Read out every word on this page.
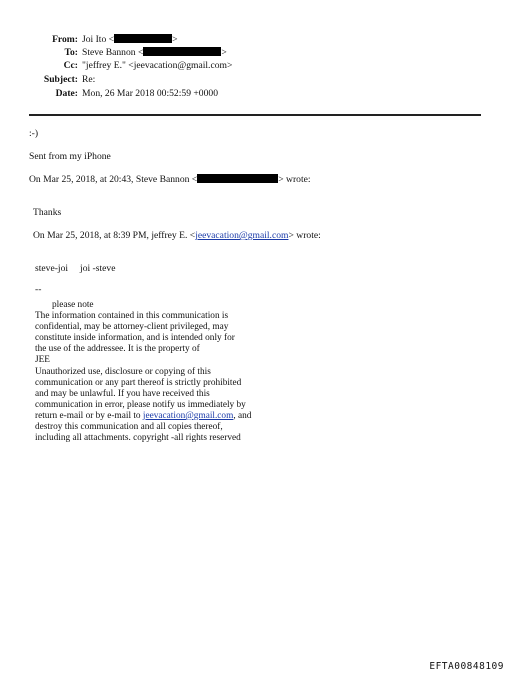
From: Joi Ito <	>
To: Steve Bannon <	>
Cc: "jeffrey E." <jeevacation@gmail.com>
Subject: Re:
Date: Mon, 26 Mar 2018 00:52:59 +0000
:-)
Sent from my iPhone
On Mar 25, 2018, at 20:43, Steve Bannon <	> wrote:
Thanks
On Mar 25, 2018, at 8:39 PM, jeffrey E. <jeevacation@gmail.com> wrote:
steve-joi     joi -steve
--
please note
The information contained in this communication is
confidential, may be attorney-client privileged, may
constitute inside information, and is intended only for
the use of the addressee. It is the property of
JEE
Unauthorized use, disclosure or copying of this
communication or any part thereof is strictly prohibited
and may be unlawful. If you have received this
communication in error, please notify us immediately by
return e-mail or by e-mail to jeevacation@gmail.com, and
destroy this communication and all copies thereof,
including all attachments. copyright -all rights reserved
EFTA00848109
